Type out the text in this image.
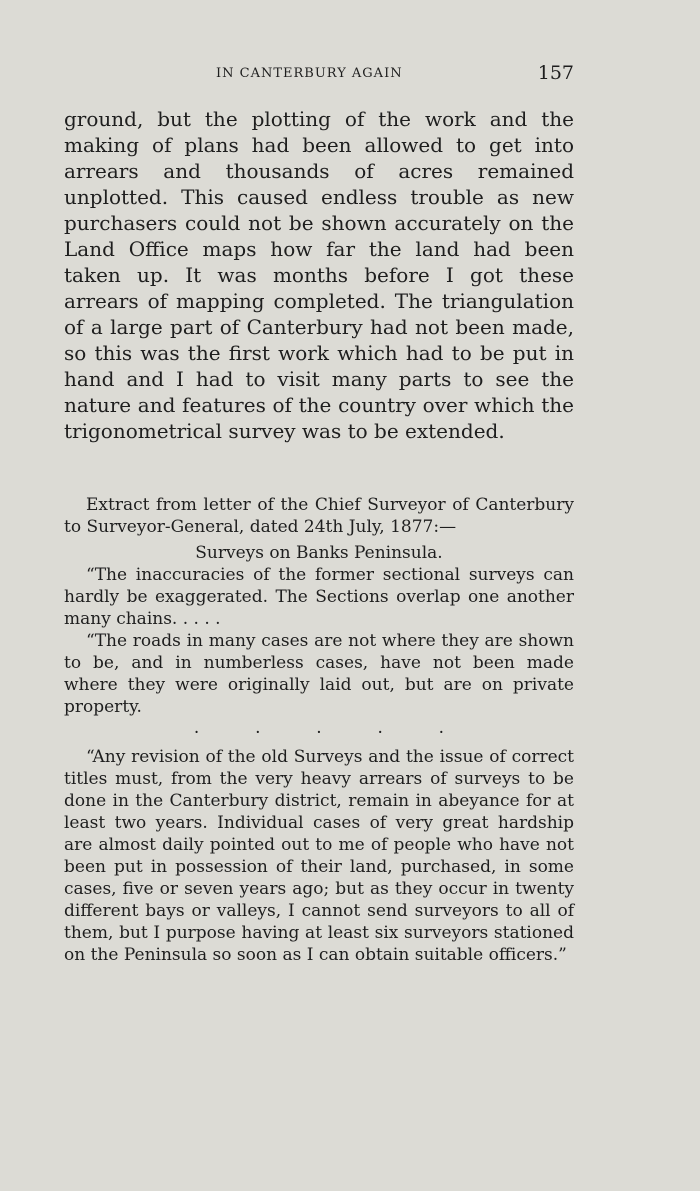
IN CANTERBURY AGAIN	157

ground, but the plotting of the work and the making of plans had been allowed to get into arrears and thousands of acres remained unplotted. This caused endless trouble as new purchasers could not be shown accurately on the Land Office maps how far the land had been taken up. It was months before I got these arrears of mapping completed. The triangulation of a large part of Canterbury had not been made, so this was the first work which had to be put in hand and I had to visit many parts to see the nature and features of the country over which the trigonometrical survey was to be extended.

Extract from letter of the Chief Surveyor of Canterbury to Surveyor-General, dated 24th July, 1877:—

Surveys on Banks Peninsula.

“The inaccuracies of the former sectional surveys can hardly be exaggerated. The Sections overlap one another many chains. . . . .

“The roads in many cases are not where they are shown to be, and in numberless cases, have not been made where they were originally laid out, but are on private property.

·	·	·	·	·

“Any revision of the old Surveys and the issue of correct titles must, from the very heavy arrears of surveys to be done in the Canterbury district, remain in abeyance for at least two years. Individual cases of very great hardship are almost daily pointed out to me of people who have not been put in possession of their land, purchased, in some cases, five or seven years ago; but as they occur in twenty different bays or valleys, I cannot send surveyors to all of them, but I purpose having at least six surveyors stationed on the Peninsula so soon as I can obtain suitable officers.”
